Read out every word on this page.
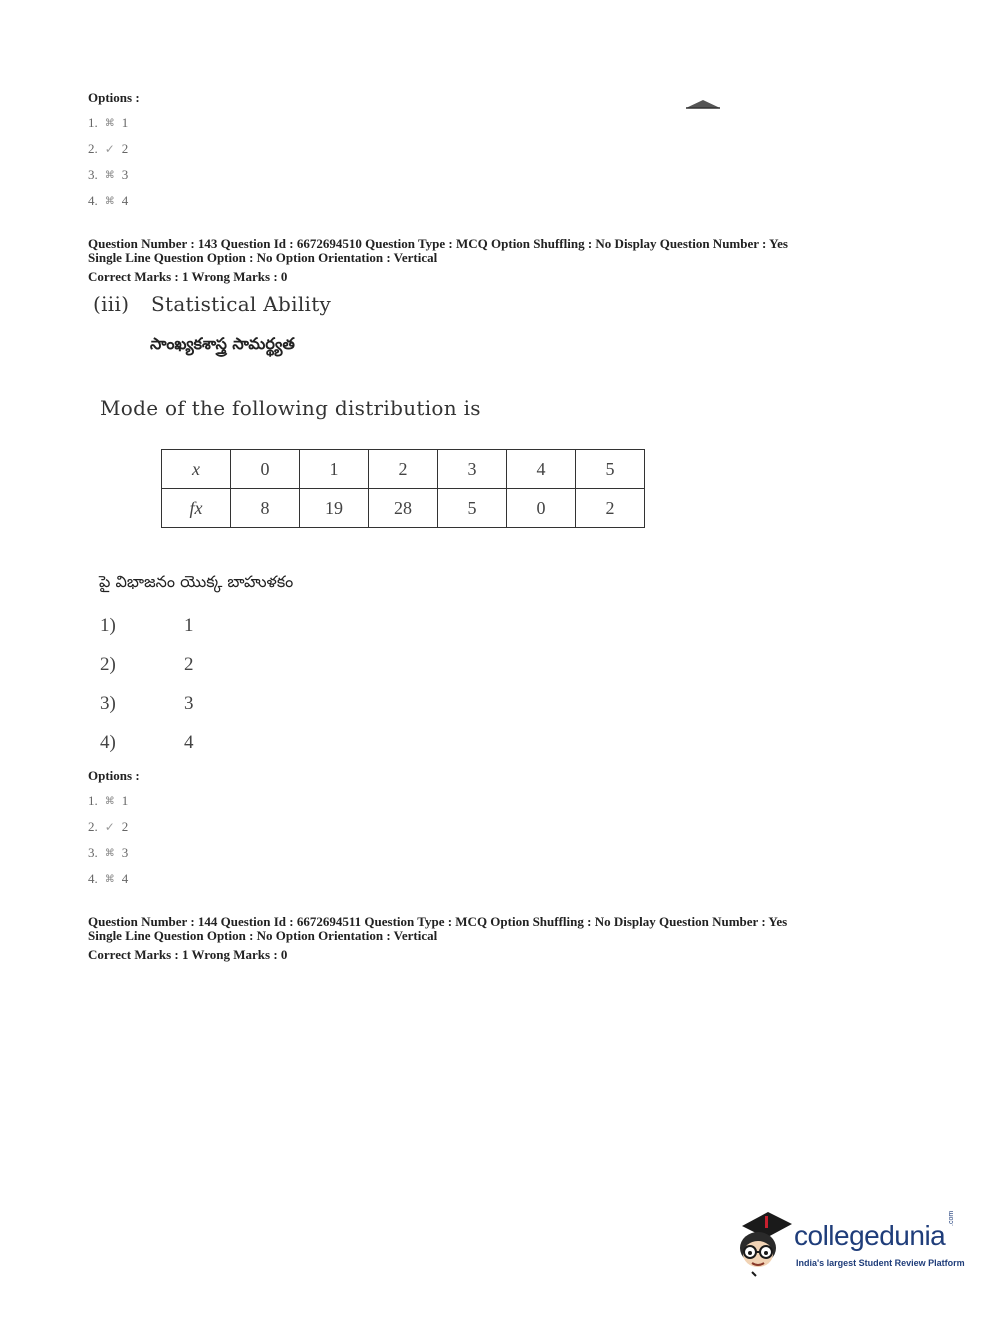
Options :
1. ⌘ 1
2. ✓ 2
3. ⌘ 3
4. ⌘ 4
Question Number : 143 Question Id : 6672694510 Question Type : MCQ Option Shuffling : No Display Question Number : Yes
Single Line Question Option : No Option Orientation : Vertical
Correct Marks : 1 Wrong Marks : 0
(iii) Statistical Ability
సాంఖ్యకశాస్త్ర సామర్థ్యత
Mode of the following distribution is
x	0	1	2	3	4	5
fx	8	19	28	5	0	2
పై విభాజనం యొక్క బాహుళకం
1)	1
2)	2
3)	3
4)	4
Options :
1. ⌘ 1
2. ✓ 2
3. ⌘ 3
4. ⌘ 4
Question Number : 144 Question Id : 6672694511 Question Type : MCQ Option Shuffling : No Display Question Number : Yes
Single Line Question Option : No Option Orientation : Vertical
Correct Marks : 1 Wrong Marks : 0
collegedunia
.com
India's largest Student Review Platform
